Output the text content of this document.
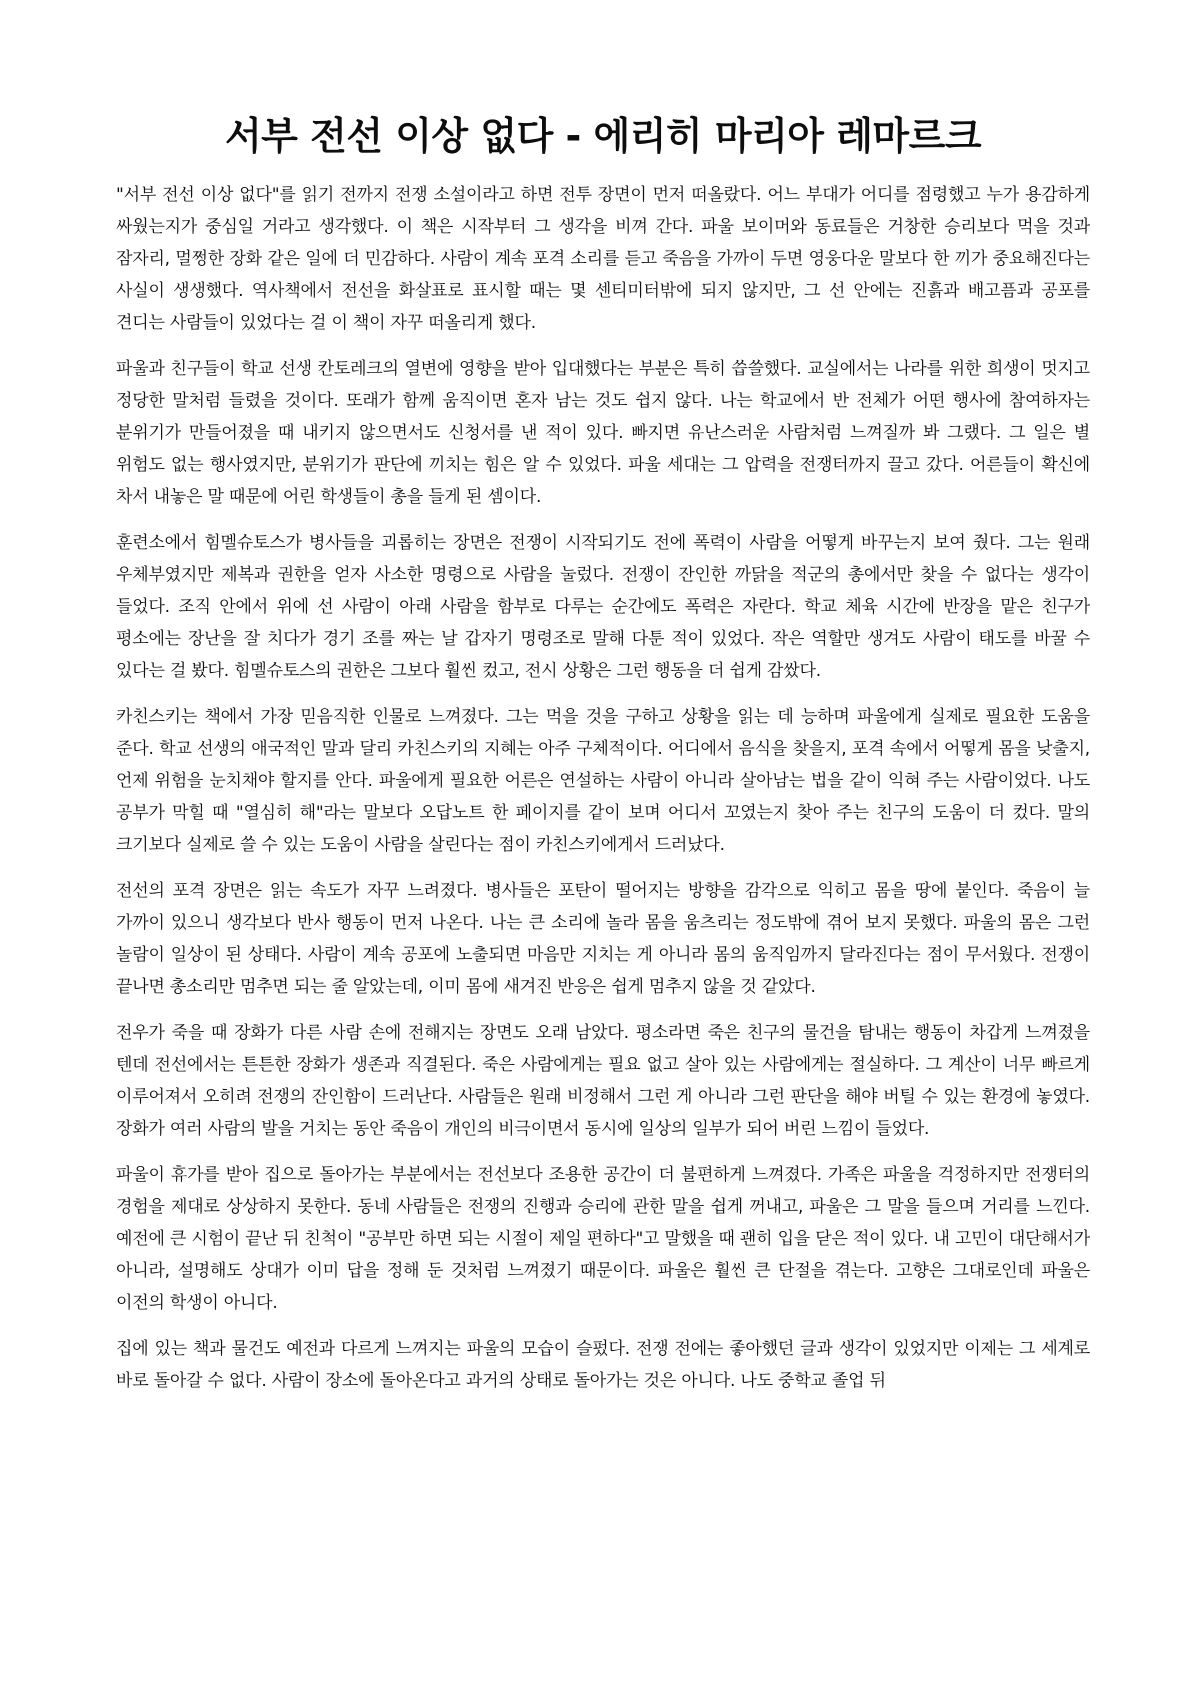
서부 전선 이상 없다 - 에리히 마리아 레마르크

"서부 전선 이상 없다"를 읽기 전까지 전쟁 소설이라고 하면 전투 장면이 먼저 떠올랐다. 어느 부대가 어디를 점령했고 누가 용감하게 싸웠는지가 중심일 거라고 생각했다. 이 책은 시작부터 그 생각을 비껴 간다. 파울 보이머와 동료들은 거창한 승리보다 먹을 것과 잠자리, 멀쩡한 장화 같은 일에 더 민감하다. 사람이 계속 포격 소리를 듣고 죽음을 가까이 두면 영웅다운 말보다 한 끼가 중요해진다는 사실이 생생했다. 역사책에서 전선을 화살표로 표시할 때는 몇 센티미터밖에 되지 않지만, 그 선 안에는 진흙과 배고픔과 공포를 견디는 사람들이 있었다는 걸 이 책이 자꾸 떠올리게 했다.

파울과 친구들이 학교 선생 칸토레크의 열변에 영향을 받아 입대했다는 부분은 특히 씁쓸했다. 교실에서는 나라를 위한 희생이 멋지고 정당한 말처럼 들렸을 것이다. 또래가 함께 움직이면 혼자 남는 것도 쉽지 않다. 나는 학교에서 반 전체가 어떤 행사에 참여하자는 분위기가 만들어졌을 때 내키지 않으면서도 신청서를 낸 적이 있다. 빠지면 유난스러운 사람처럼 느껴질까 봐 그랬다. 그 일은 별 위험도 없는 행사였지만, 분위기가 판단에 끼치는 힘은 알 수 있었다. 파울 세대는 그 압력을 전쟁터까지 끌고 갔다. 어른들이 확신에 차서 내놓은 말 때문에 어린 학생들이 총을 들게 된 셈이다.

훈련소에서 힘멜슈토스가 병사들을 괴롭히는 장면은 전쟁이 시작되기도 전에 폭력이 사람을 어떻게 바꾸는지 보여 줬다. 그는 원래 우체부였지만 제복과 권한을 얻자 사소한 명령으로 사람을 눌렀다. 전쟁이 잔인한 까닭을 적군의 총에서만 찾을 수 없다는 생각이 들었다. 조직 안에서 위에 선 사람이 아래 사람을 함부로 다루는 순간에도 폭력은 자란다. 학교 체육 시간에 반장을 맡은 친구가 평소에는 장난을 잘 치다가 경기 조를 짜는 날 갑자기 명령조로 말해 다툰 적이 있었다. 작은 역할만 생겨도 사람이 태도를 바꿀 수 있다는 걸 봤다. 힘멜슈토스의 권한은 그보다 훨씬 컸고, 전시 상황은 그런 행동을 더 쉽게 감쌌다.

카친스키는 책에서 가장 믿음직한 인물로 느껴졌다. 그는 먹을 것을 구하고 상황을 읽는 데 능하며 파울에게 실제로 필요한 도움을 준다. 학교 선생의 애국적인 말과 달리 카친스키의 지혜는 아주 구체적이다. 어디에서 음식을 찾을지, 포격 속에서 어떻게 몸을 낮출지, 언제 위험을 눈치채야 할지를 안다. 파울에게 필요한 어른은 연설하는 사람이 아니라 살아남는 법을 같이 익혀 주는 사람이었다. 나도 공부가 막힐 때 "열심히 해"라는 말보다 오답노트 한 페이지를 같이 보며 어디서 꼬였는지 찾아 주는 친구의 도움이 더 컸다. 말의 크기보다 실제로 쓸 수 있는 도움이 사람을 살린다는 점이 카친스키에게서 드러났다.

전선의 포격 장면은 읽는 속도가 자꾸 느려졌다. 병사들은 포탄이 떨어지는 방향을 감각으로 익히고 몸을 땅에 붙인다. 죽음이 늘 가까이 있으니 생각보다 반사 행동이 먼저 나온다. 나는 큰 소리에 놀라 몸을 움츠리는 정도밖에 겪어 보지 못했다. 파울의 몸은 그런 놀람이 일상이 된 상태다. 사람이 계속 공포에 노출되면 마음만 지치는 게 아니라 몸의 움직임까지 달라진다는 점이 무서웠다. 전쟁이 끝나면 총소리만 멈추면 되는 줄 알았는데, 이미 몸에 새겨진 반응은 쉽게 멈추지 않을 것 같았다.

전우가 죽을 때 장화가 다른 사람 손에 전해지는 장면도 오래 남았다. 평소라면 죽은 친구의 물건을 탐내는 행동이 차갑게 느껴졌을 텐데 전선에서는 튼튼한 장화가 생존과 직결된다. 죽은 사람에게는 필요 없고 살아 있는 사람에게는 절실하다. 그 계산이 너무 빠르게 이루어져서 오히려 전쟁의 잔인함이 드러난다. 사람들은 원래 비정해서 그런 게 아니라 그런 판단을 해야 버틸 수 있는 환경에 놓였다. 장화가 여러 사람의 발을 거치는 동안 죽음이 개인의 비극이면서 동시에 일상의 일부가 되어 버린 느낌이 들었다.

파울이 휴가를 받아 집으로 돌아가는 부분에서는 전선보다 조용한 공간이 더 불편하게 느껴졌다. 가족은 파울을 걱정하지만 전쟁터의 경험을 제대로 상상하지 못한다. 동네 사람들은 전쟁의 진행과 승리에 관한 말을 쉽게 꺼내고, 파울은 그 말을 들으며 거리를 느낀다. 예전에 큰 시험이 끝난 뒤 친척이 "공부만 하면 되는 시절이 제일 편하다"고 말했을 때 괜히 입을 닫은 적이 있다. 내 고민이 대단해서가 아니라, 설명해도 상대가 이미 답을 정해 둔 것처럼 느껴졌기 때문이다. 파울은 훨씬 큰 단절을 겪는다. 고향은 그대로인데 파울은 이전의 학생이 아니다.

집에 있는 책과 물건도 예전과 다르게 느껴지는 파울의 모습이 슬펐다. 전쟁 전에는 좋아했던 글과 생각이 있었지만 이제는 그 세계로 바로 돌아갈 수 없다. 사람이 장소에 돌아온다고 과거의 상태로 돌아가는 것은 아니다. 나도 중학교 졸업 뒤
